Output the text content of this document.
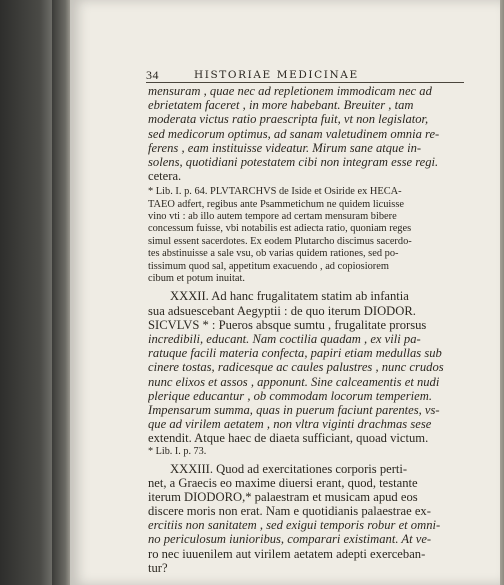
34	HISTORIAE MEDICINAE
mensuram , quae nec ad repletionem immodicam nec ad
ebrietatem faceret , in more habebant. Breuiter , tam
moderata victus ratio praescripta fuit, vt non legislator,
sed medicorum optimus, ad sanam valetudinem omnia re-
ferens , eam instituisse videatur. Mirum sane atque in-
solens, quotidiani potestatem cibi non integram esse regi.
cetera.
* Lib. I. p. 64. PLVTARCHVS de Iside et Osiride ex HECA-
TAEO adfert, regibus ante Psammetichum ne quidem licuisse
vino vti : ab illo autem tempore ad certam mensuram bibere
concessum fuisse, vbi notabilis est adiecta ratio, quoniam reges
simul essent sacerdotes. Ex eodem Plutarcho discimus sacerdo-
tes abstinuisse a sale vsu, ob varias quidem rationes, sed po-
tissimum quod sal, appetitum exacuendo , ad copiosiorem
cibum et potum inuitat.
XXXII. Ad hanc frugalitatem statim ab infantia
sua adsuescebant Aegyptii : de quo iterum DIODOR.
SICVLVS * : Pueros absque sumtu , frugalitate prorsus
incredibili, educant. Nam coctilia quadam , ex vili pa-
ratuque facili materia confecta, papiri etiam medullas sub
cinere tostas, radicesque ac caules palustres , nunc crudos
nunc elixos et assos , apponunt. Sine calceamentis et nudi
plerique educantur , ob commodam locorum temperiem.
Impensarum summa, quas in puerum faciunt parentes, vs-
que ad virilem aetatem , non vltra viginti drachmas sese
extendit. Atque haec de diaeta sufficiant, quoad victum.
* Lib. I. p. 73.
XXXIII. Quod ad exercitationes corporis perti-
net, a Graecis eo maxime diuersi erant, quod, testante
iterum DIODORO,* palaestram et musicam apud eos
discere moris non erat. Nam e quotidianis palaestrae ex-
ercitiis non sanitatem , sed exigui temporis robur et omni-
no periculosum iunioribus, comparari existimant. At ve-
ro nec iuuenilem aut virilem aetatem adepti exerceban-
tur?
